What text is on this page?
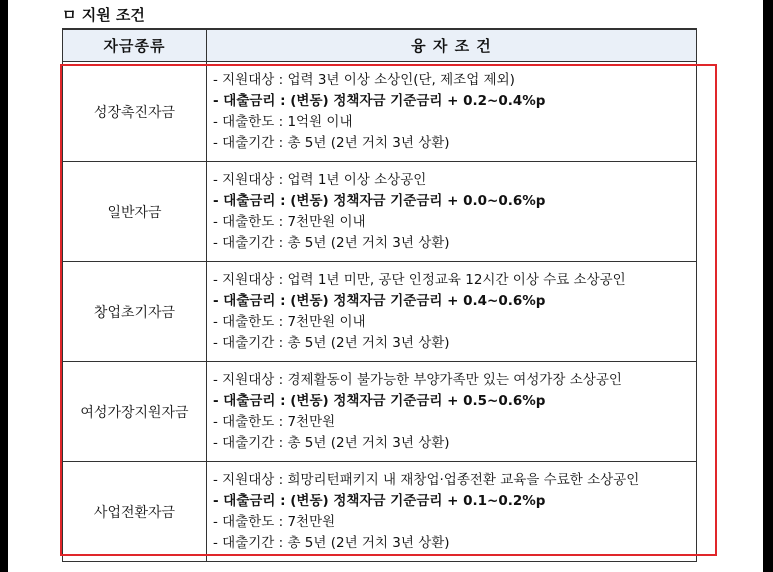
ㅁ 지원 조건
자금종류	융 자 조 건
성장촉진자금	- 지원대상 : 업력 3년 이상 소상인(단, 제조업 제외)
- 대출금리 : (변동) 정책자금 기준금리 + 0.2~0.4%p
- 대출한도 : 1억원 이내
- 대출기간 : 총 5년 (2년 거치 3년 상환)

일반자금	- 지원대상 : 업력 1년 이상 소상공인
- 대출금리 : (변동) 정책자금 기준금리 + 0.0~0.6%p
- 대출한도 : 7천만원 이내
- 대출기간 : 총 5년 (2년 거치 3년 상환)

창업초기자금	- 지원대상 : 업력 1년 미만, 공단 인정교육 12시간 이상 수료 소상공인
- 대출금리 : (변동) 정책자금 기준금리 + 0.4~0.6%p
- 대출한도 : 7천만원 이내
- 대출기간 : 총 5년 (2년 거치 3년 상환)

여성가장지원자금	- 지원대상 : 경제활동이 불가능한 부양가족만 있는 여성가장 소상공인
- 대출금리 : (변동) 정책자금 기준금리 + 0.5~0.6%p
- 대출한도 : 7천만원
- 대출기간 : 총 5년 (2년 거치 3년 상환)

사업전환자금	- 지원대상 : 희망리턴패키지 내 재창업·업종전환 교육을 수료한 소상공인
- 대출금리 : (변동) 정책자금 기준금리 + 0.1~0.2%p
- 대출한도 : 7천만원
- 대출기간 : 총 5년 (2년 거치 3년 상환)
